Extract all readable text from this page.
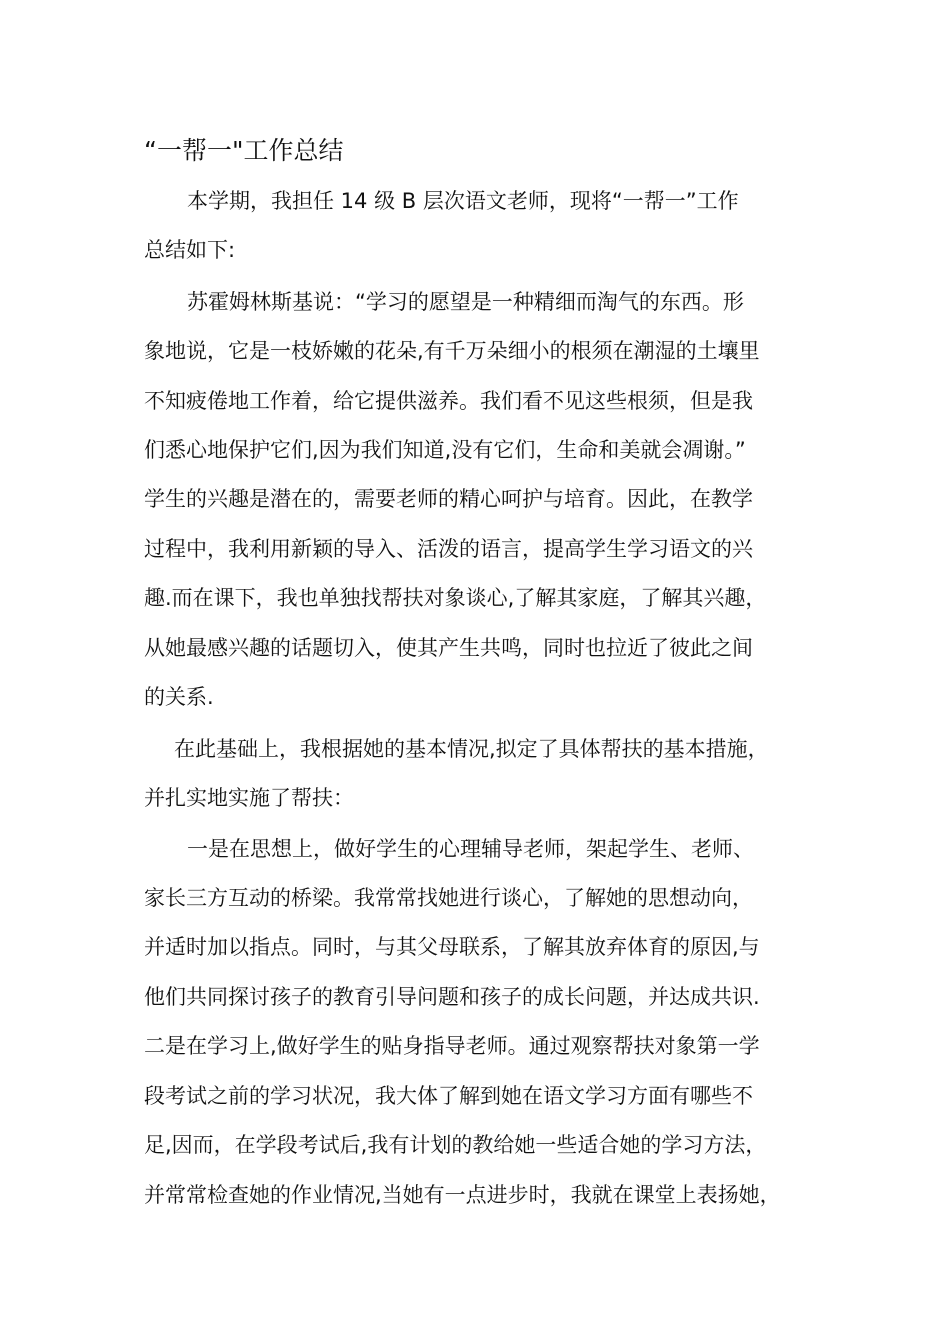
“一帮一"工作总结

本学期，我担任 14 级 B 层次语文老师，现将“一帮一”工作

总结如下:

苏霍姆林斯基说：“学习的愿望是一种精细而淘气的东西。形

象地说，它是一枝娇嫩的花朵,有千万朵细小的根须在潮湿的土壤里

不知疲倦地工作着，给它提供滋养。我们看不见这些根须，但是我

们悉心地保护它们,因为我们知道,没有它们，生命和美就会凋谢。”

学生的兴趣是潜在的，需要老师的精心呵护与培育。因此，在教学

过程中，我利用新颖的导入、活泼的语言，提高学生学习语文的兴

趣.而在课下，我也单独找帮扶对象谈心,了解其家庭，了解其兴趣，

从她最感兴趣的话题切入，使其产生共鸣，同时也拉近了彼此之间

的关系.

在此基础上，我根据她的基本情况,拟定了具体帮扶的基本措施，

并扎实地实施了帮扶：

一是在思想上，做好学生的心理辅导老师，架起学生、老师、

家长三方互动的桥梁。我常常找她进行谈心，了解她的思想动向，

并适时加以指点。同时，与其父母联系，了解其放弃体育的原因,与

他们共同探讨孩子的教育引导问题和孩子的成长问题，并达成共识.

二是在学习上,做好学生的贴身指导老师。通过观察帮扶对象第一学

段考试之前的学习状况，我大体了解到她在语文学习方面有哪些不

足,因而，在学段考试后,我有计划的教给她一些适合她的学习方法，

并常常检查她的作业情况,当她有一点进步时，我就在课堂上表扬她，
